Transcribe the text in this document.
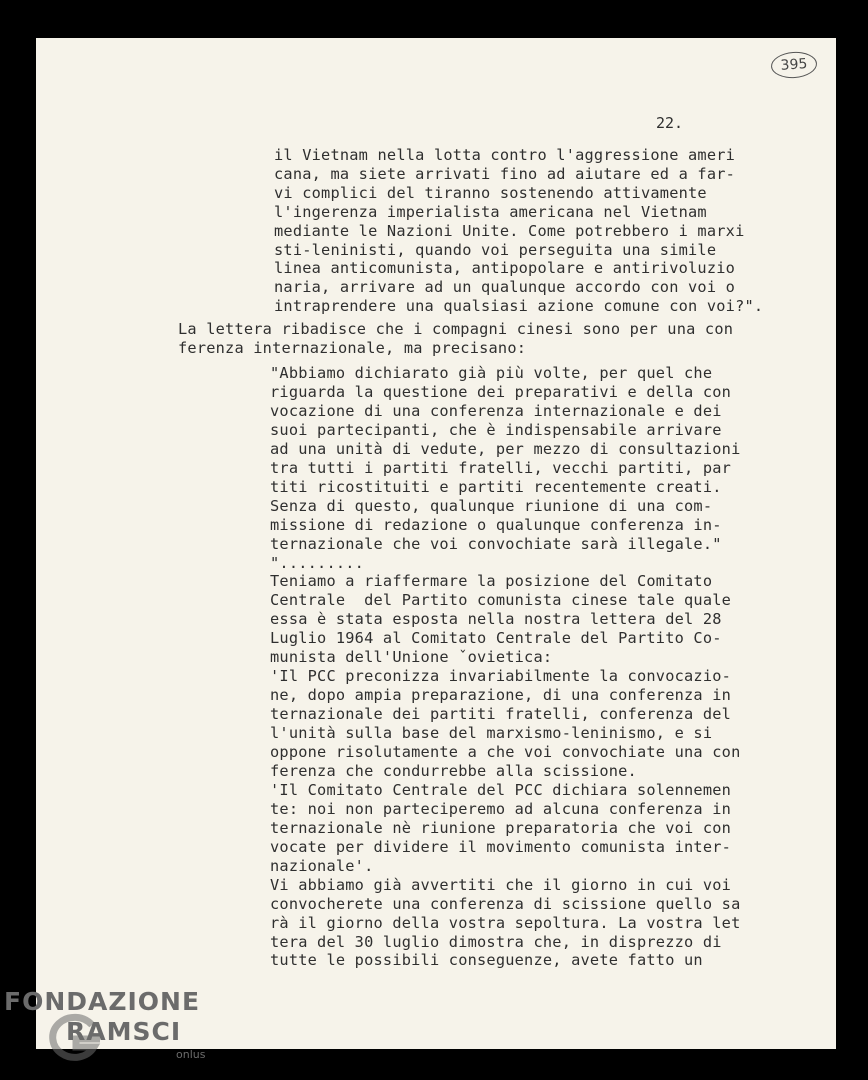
395
22.
il Vietnam nella lotta contro l'aggressione ameri
cana, ma siete arrivati fino ad aiutare ed a far-
vi complici del tiranno sostenendo attivamente
l'ingerenza imperialista americana nel Vietnam
mediante le Nazioni Unite. Come potrebbero i marxi
sti-leninisti, quando voi perseguita una simile
linea anticomunista, antipopolare e antirivoluzio
naria, arrivare ad un qualunque accordo con voi o
intraprendere una qualsiasi azione comune con voi?".
La lettera ribadisce che i compagni cinesi sono per una con
ferenza internazionale, ma precisano:
"Abbiamo dichiarato già più volte, per quel che
riguarda la questione dei preparativi e della con
vocazione di una conferenza internazionale e dei
suoi partecipanti, che è indispensabile arrivare
ad una unità di vedute, per mezzo di consultazioni
tra tutti i partiti fratelli, vecchi partiti, par
titi ricostituiti e partiti recentemente creati.
Senza di questo, qualunque riunione di una com-
missione di redazione o qualunque conferenza in-
ternazionale che voi convochiate sarà illegale."
".........
Teniamo a riaffermare la posizione del Comitato
Centrale  del Partito comunista cinese tale quale
essa è stata esposta nella nostra lettera del 28
Luglio 1964 al Comitato Centrale del Partito Co-
munista dell'Unione ˇovietica:
'Il PCC preconizza invariabilmente la convocazio-
ne, dopo ampia preparazione, di una conferenza in
ternazionale dei partiti fratelli, conferenza del
l'unità sulla base del marxismo-leninismo, e si
oppone risolutamente a che voi convochiate una con
ferenza che condurrebbe alla scissione.
'Il Comitato Centrale del PCC dichiara solennemen
te: noi non parteciperemo ad alcuna conferenza in
ternazionale nè riunione preparatoria che voi con
vocate per dividere il movimento comunista inter-
nazionale'.
Vi abbiamo già avvertiti che il giorno in cui voi
convocherete una conferenza di scissione quello sa
rà il giorno della vostra sepoltura. La vostra let
tera del 30 luglio dimostra che, in disprezzo di
tutte le possibili conseguenze, avete fatto un
FONDAZIONE
RAMSCI
onlus
